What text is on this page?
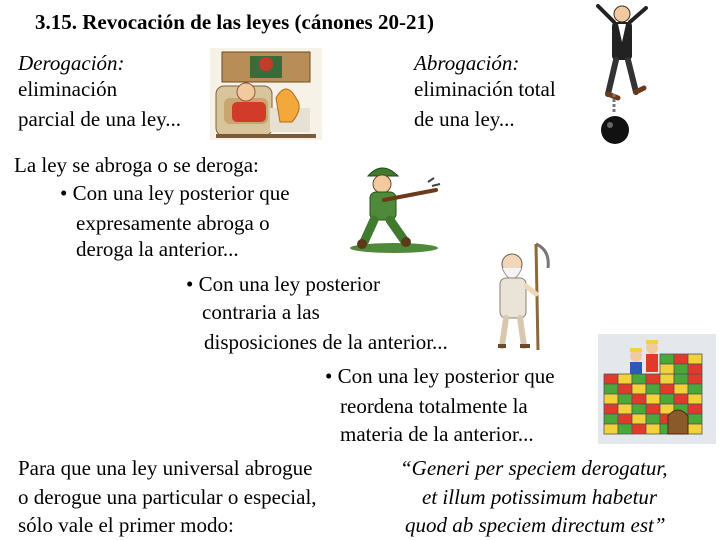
3.15. Revocación de las leyes (cánones 20-21)
Derogación:
eliminación
parcial de una ley...
Abrogación:
eliminación total
de una ley...
La ley se abroga o se deroga:
• Con una ley posterior que
expresamente abroga o
deroga la anterior...
• Con una ley posterior
contraria a las
disposiciones de la anterior...
• Con una ley posterior que
reordena totalmente la
materia de la anterior...
Para que una ley universal abrogue
o derogue una particular o especial,
sólo vale el primer modo:
“Generi per speciem derogatur,
et illum potissimum habetur
quod ab speciem directum est”
